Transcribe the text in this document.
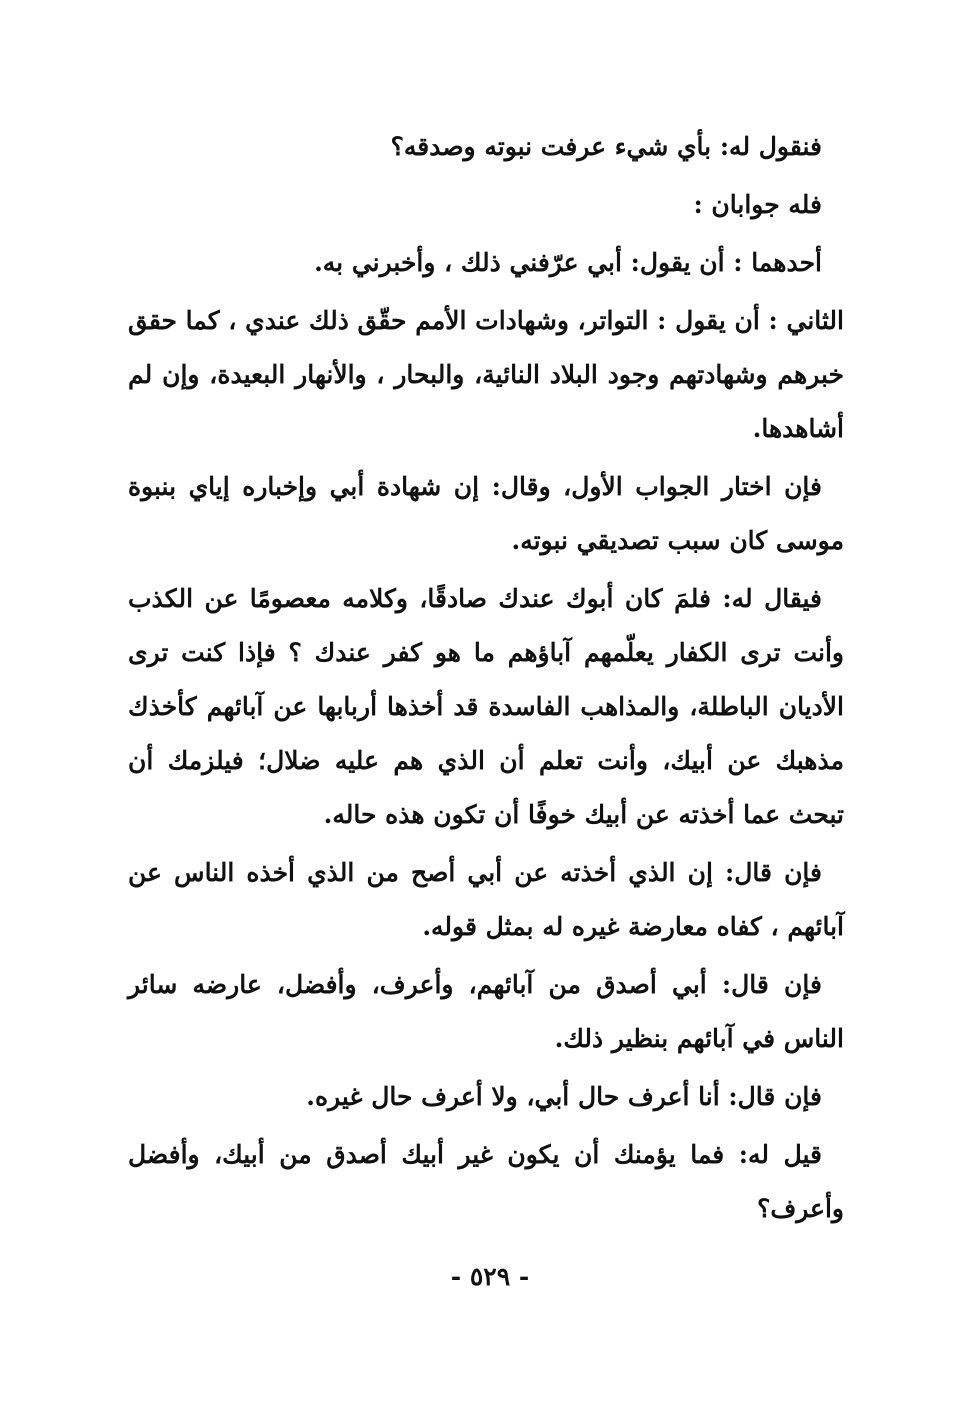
فنقول له: بأي شيء عرفت نبوته وصدقه؟

فله جوابان :

أحدهما : أن يقول: أبي عرّفني ذلك ، وأخبرني به.

الثاني : أن يقول : التواتر، وشهادات الأمم حقّق ذلك عندي ، كما حقق خبرهم وشهادتهم وجود البلاد النائية، والبحار ، والأنهار البعيدة، وإن لم أشاهدها.

فإن اختار الجواب الأول، وقال: إن شهادة أبي وإخباره إياي بنبوة موسى كان سبب تصديقي نبوته.

فيقال له: فلمَ كان أبوك عندك صادقًا، وكلامه معصومًا عن الكذب وأنت ترى الكفار يعلّمهم آباؤهم ما هو كفر عندك ؟ فإذا كنت ترى الأديان الباطلة، والمذاهب الفاسدة قد أخذها أربابها عن آبائهم كأخذك مذهبك عن أبيك، وأنت تعلم أن الذي هم عليه ضلال؛ فيلزمك أن تبحث عما أخذته عن أبيك خوفًا أن تكون هذه حاله.

فإن قال: إن الذي أخذته عن أبي أصح من الذي أخذه الناس عن آبائهم ، كفاه معارضة غيره له بمثل قوله.

فإن قال: أبي أصدق من آبائهم، وأعرف، وأفضل، عارضه سائر الناس في آبائهم بنظير ذلك.

فإن قال: أنا أعرف حال أبي، ولا أعرف حال غيره.

قيل له: فما يؤمنك أن يكون غير أبيك أصدق من أبيك، وأفضل وأعرف؟

- ٥٢٩ -
